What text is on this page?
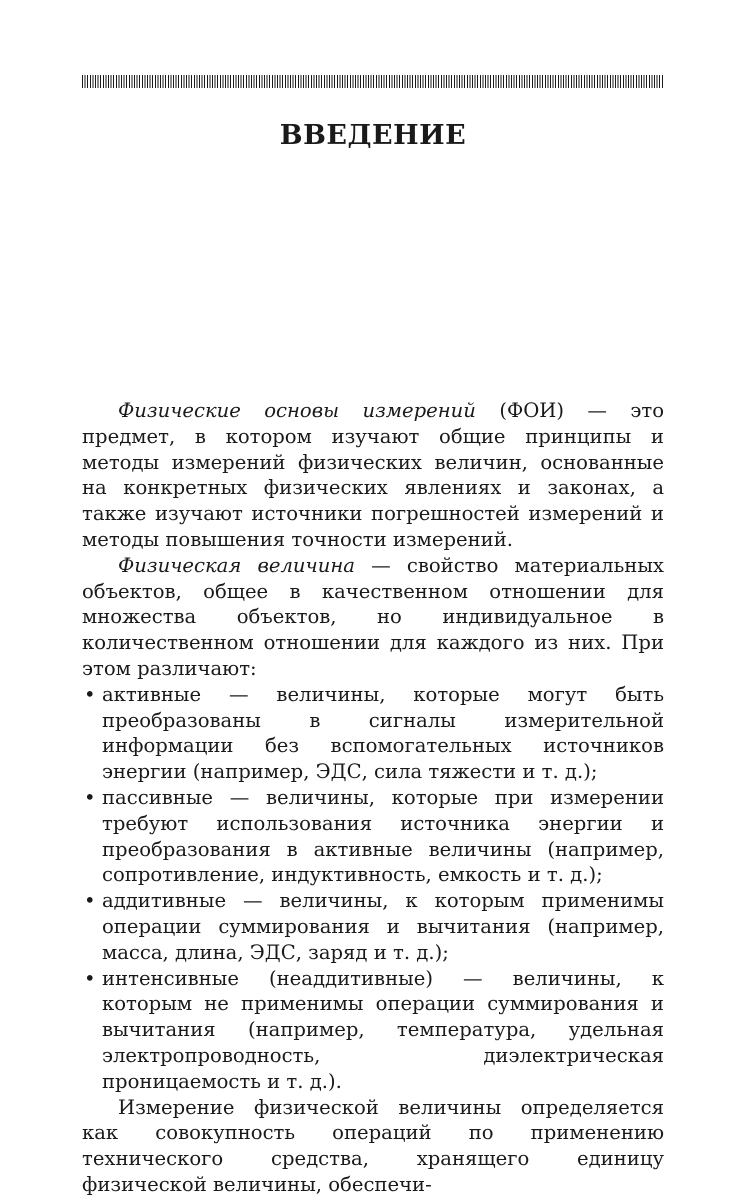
ВВЕДЕНИЕ

Физические основы измерений (ФОИ) — это предмет, в котором изучают общие принципы и методы измерений физических величин, основанные на конкретных физических явлениях и законах, а также изучают источники погрешностей измерений и методы повышения точности измерений.

Физическая величина — свойство материальных объектов, общее в качественном отношении для множества объектов, но индивидуальное в количественном отношении для каждого из них. При этом различают:

• активные — величины, которые могут быть преобразованы в сигналы измерительной информации без вспомогательных источников энергии (например, ЭДС, сила тяжести и т. д.);
• пассивные — величины, которые при измерении требуют использования источника энергии и преобразования в активные величины (например, сопротивление, индуктивность, емкость и т. д.);
• аддитивные — величины, к которым применимы операции суммирования и вычитания (например, масса, длина, ЭДС, заряд и т. д.);
• интенсивные (неаддитивные) — величины, к которым не применимы операции суммирования и вычитания (например, температура, удельная электропроводность, диэлектрическая проницаемость и т. д.).

Измерение физической величины определяется как совокупность операций по применению технического средства, хранящего единицу физической величины, обеспечи-
